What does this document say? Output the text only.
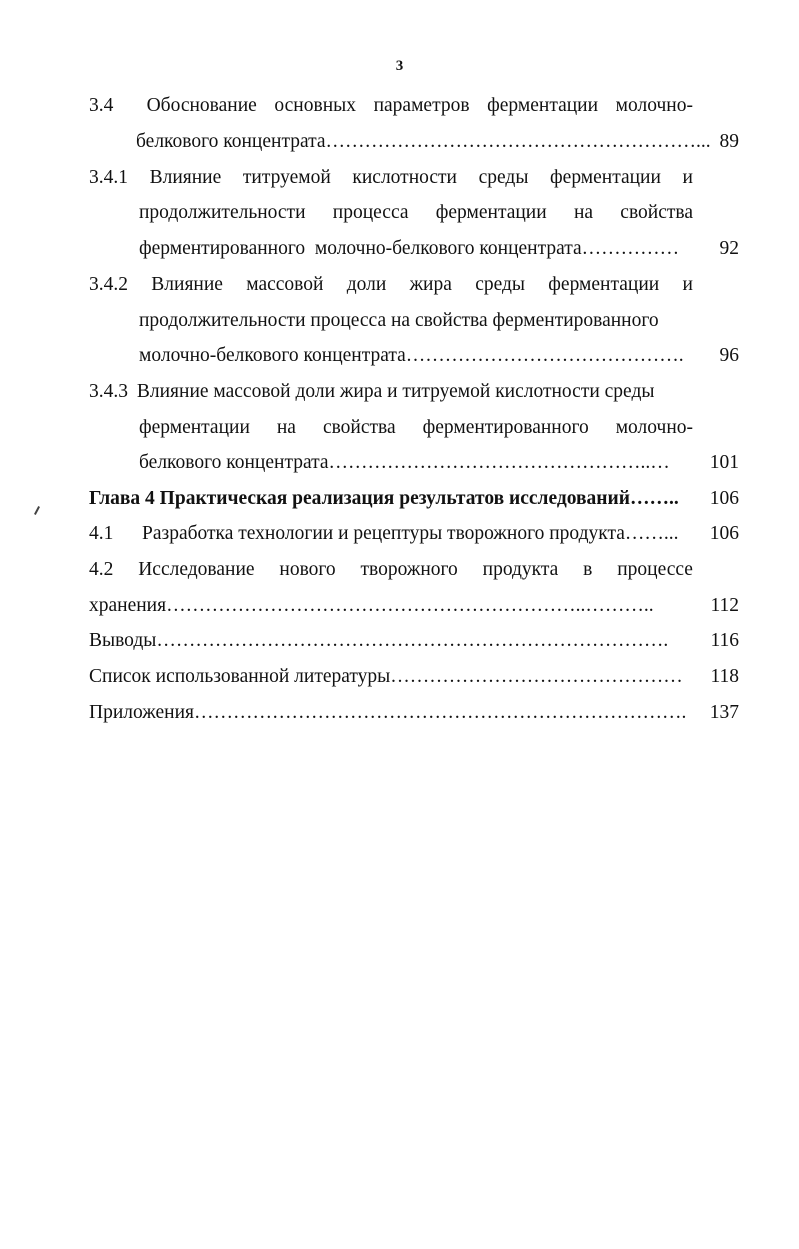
3
3.4	Обоснование основных параметров ферментации молочно-
белкового концентрата…………………………………………………... 89
3.4.1 Влияние титруемой кислотности среды ферментации и
продолжительности процесса ферментации на свойства
ферментированного  молочно-белкового концентрата……………	92
3.4.2 Влияние массовой доли жира среды ферментации и
продолжительности процесса на свойства ферментированного
молочно-белкового концентрата…………………………………….	96
3.4.3 Влияние массовой доли жира и титруемой кислотности среды
ферментации на свойства ферментированного молочно-
белкового концентрата…………………………………………..…	101
Глава 4 Практическая реализация результатов исследований……..	106
4.1 Разработка технологии и рецептуры творожного продукта……...	106
4.2 Исследование нового творожного продукта в процессе
хранения………………………………………………………..………..	112
Выводы…………………………………………………………………….	116
Список использованной литературы………………………………………	118
Приложения………………………………………………………………….	137
